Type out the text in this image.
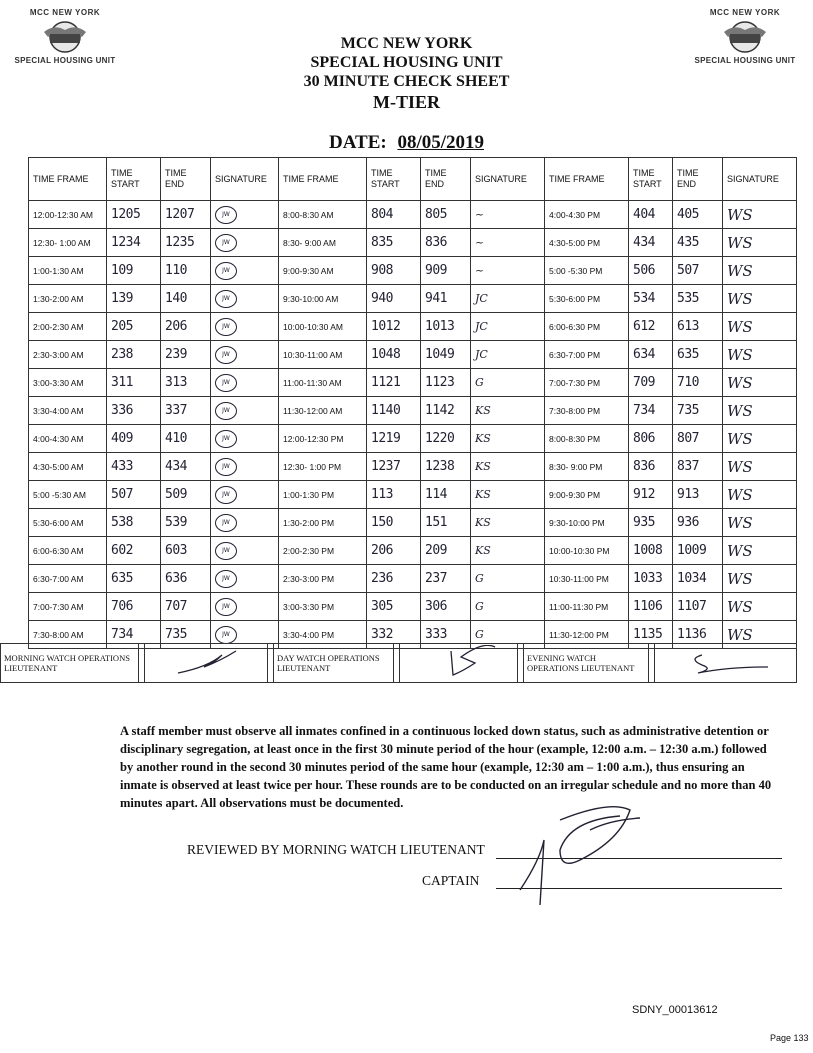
MCC NEW YORK
SPECIAL HOUSING UNIT
MCC NEW YORK
SPECIAL HOUSING UNIT
MCC NEW YORK
SPECIAL HOUSING UNIT
30 MINUTE CHECK SHEET
M-TIER
DATE: 08/05/2019
TIME FRAME	TIME START	TIME END	SIGNATURE	TIME FRAME	TIME START	TIME END	SIGNATURE	TIME FRAME	TIME START	TIME END	SIGNATURE
12:00-12:30 AM	1205	1207	JW	8:00-8:30 AM	804	805	~	4:00-4:30 PM	404	405	WS
12:30- 1:00 AM	1234	1235	JW	8:30- 9:00 AM	835	836	~	4:30-5:00 PM	434	435	WS
1:00-1:30 AM	109	110	JW	9:00-9:30 AM	908	909	~	5:00 -5:30 PM	506	507	WS
1:30-2:00 AM	139	140	JW	9:30-10:00 AM	940	941	JC	5:30-6:00 PM	534	535	WS
2:00-2:30 AM	205	206	JW	10:00-10:30 AM	1012	1013	JC	6:00-6:30 PM	612	613	WS
2:30-3:00 AM	238	239	JW	10:30-11:00 AM	1048	1049	JC	6:30-7:00 PM	634	635	WS
3:00-3:30 AM	311	313	JW	11:00-11:30 AM	1121	1123	G	7:00-7:30 PM	709	710	WS
3:30-4:00 AM	336	337	JW	11:30-12:00 AM	1140	1142	KS	7:30-8:00 PM	734	735	WS
4:00-4:30 AM	409	410	JW	12:00-12:30 PM	1219	1220	KS	8:00-8:30 PM	806	807	WS
4:30-5:00 AM	433	434	JW	12:30- 1:00 PM	1237	1238	KS	8:30- 9:00 PM	836	837	WS
5:00 -5:30 AM	507	509	JW	1:00-1:30 PM	113	114	KS	9:00-9:30 PM	912	913	WS
5:30-6:00 AM	538	539	JW	1:30-2:00 PM	150	151	KS	9:30-10:00 PM	935	936	WS
6:00-6:30 AM	602	603	JW	2:00-2:30 PM	206	209	KS	10:00-10:30 PM	1008	1009	WS
6:30-7:00 AM	635	636	JW	2:30-3:00 PM	236	237	G	10:30-11:00 PM	1033	1034	WS
7:00-7:30 AM	706	707	JW	3:00-3:30 PM	305	306	G	11:00-11:30 PM	1106	1107	WS
7:30-8:00 AM	734	735	JW	3:30-4:00 PM	332	333	G	11:30-12:00 PM	1135	1136	WS
MORNING WATCH OPERATIONS LIEUTENANT				DAY WATCH OPERATIONS LIEUTENANT				EVENING WATCH OPERATIONS LIEUTENANT		
A staff member must observe all inmates confined in a continuous locked down status, such as administrative detention or disciplinary segregation, at least once in the first 30 minute period of the hour (example, 12:00 a.m. – 12:30 a.m.) followed by another round in the second 30 minutes period of the same hour (example, 12:30 am – 1:00 a.m.), thus ensuring an inmate is observed at least twice per hour. These rounds are to be conducted on an irregular schedule and no more than 40 minutes apart. All observations must be documented.
REVIEWED BY MORNING WATCH LIEUTENANT
CAPTAIN
SDNY_00013612
Page 133
